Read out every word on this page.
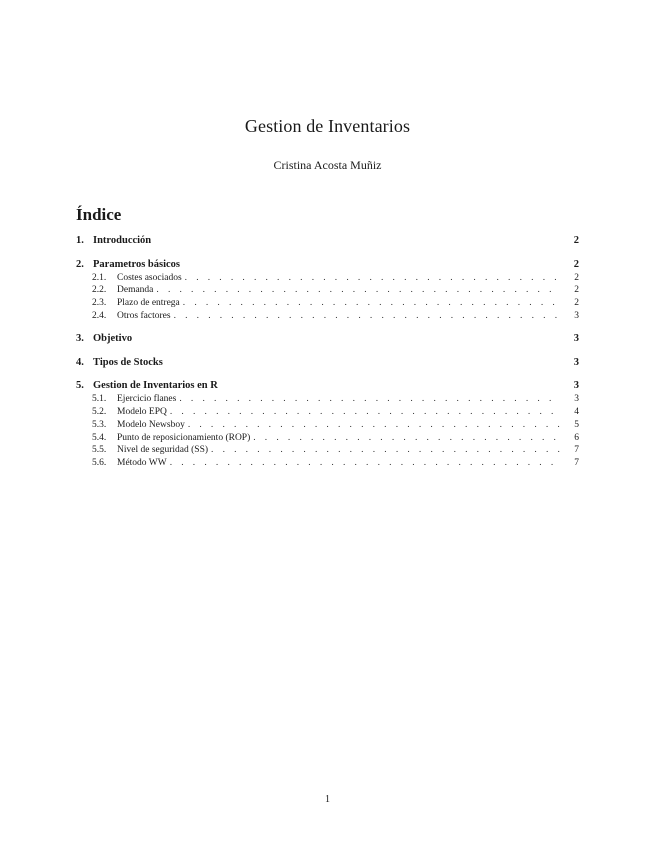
Gestion de Inventarios
Cristina Acosta Muñiz
Índice
1. Introducción	2
2. Parametros básicos	2
2.1. Costes asociados . . .	2
2.2. Demanda . . .	2
2.3. Plazo de entrega . . .	2
2.4. Otros factores . . .	3
3. Objetivo	3
4. Tipos de Stocks	3
5. Gestion de Inventarios en R	3
5.1. Ejercicio flanes . . .	3
5.2. Modelo EPQ . . .	4
5.3. Modelo Newsboy . . .	5
5.4. Punto de reposicionamiento (ROP) . . .	6
5.5. Nivel de seguridad (SS) . . .	7
5.6. Método WW . . .	7
1
